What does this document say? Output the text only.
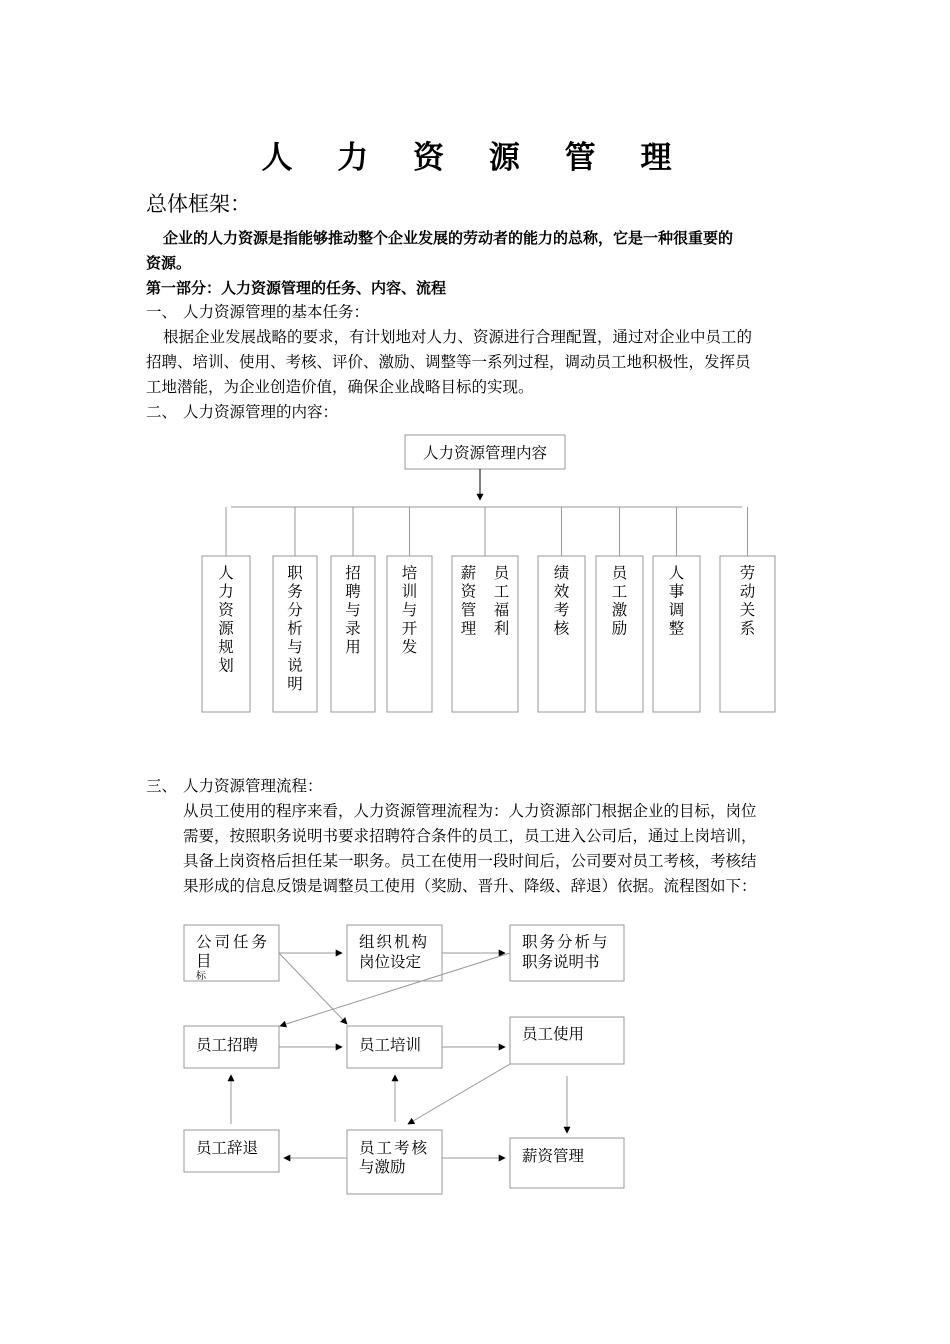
人 力 资 源 管 理
总体框架：
企业的人力资源是指能够推动整个企业发展的劳动者的能力的总称，它是一种很重要的
资源。
第一部分：人力资源管理的任务、内容、流程
一、 人力资源管理的基本任务：
根据企业发展战略的要求，有计划地对人力、资源进行合理配置，通过对企业中员工的
招聘、培训、使用、考核、评价、激励、调整等一系列过程，调动员工地积极性，发挥员
工地潜能，为企业创造价值，确保企业战略目标的实现。
二、 人力资源管理的内容：
三、 人力资源管理流程：
从员工使用的程序来看，人力资源管理流程为：人力资源部门根据企业的目标，岗位
需要，按照职务说明书要求招聘符合条件的员工，员工进入公司后，通过上岗培训，
具备上岗资格后担任某一职务。员工在使用一段时间后，公司要对员工考核，考核结
果形成的信息反馈是调整员工使用（奖励、晋升、降级、辞退）依据。流程图如下：
人力资源管理内容
人力资源规划
职务分析与说明
招聘与录用
培训与开发
薪资管理
员工福利
绩效考核
员工激励
人事调整
劳动关系
公司任务
目
标
组织机构
岗位设定
职务分析与
职务说明书
员工招聘	员工培训
员工使用
员工辞退	员工考核
与激励
薪资管理
